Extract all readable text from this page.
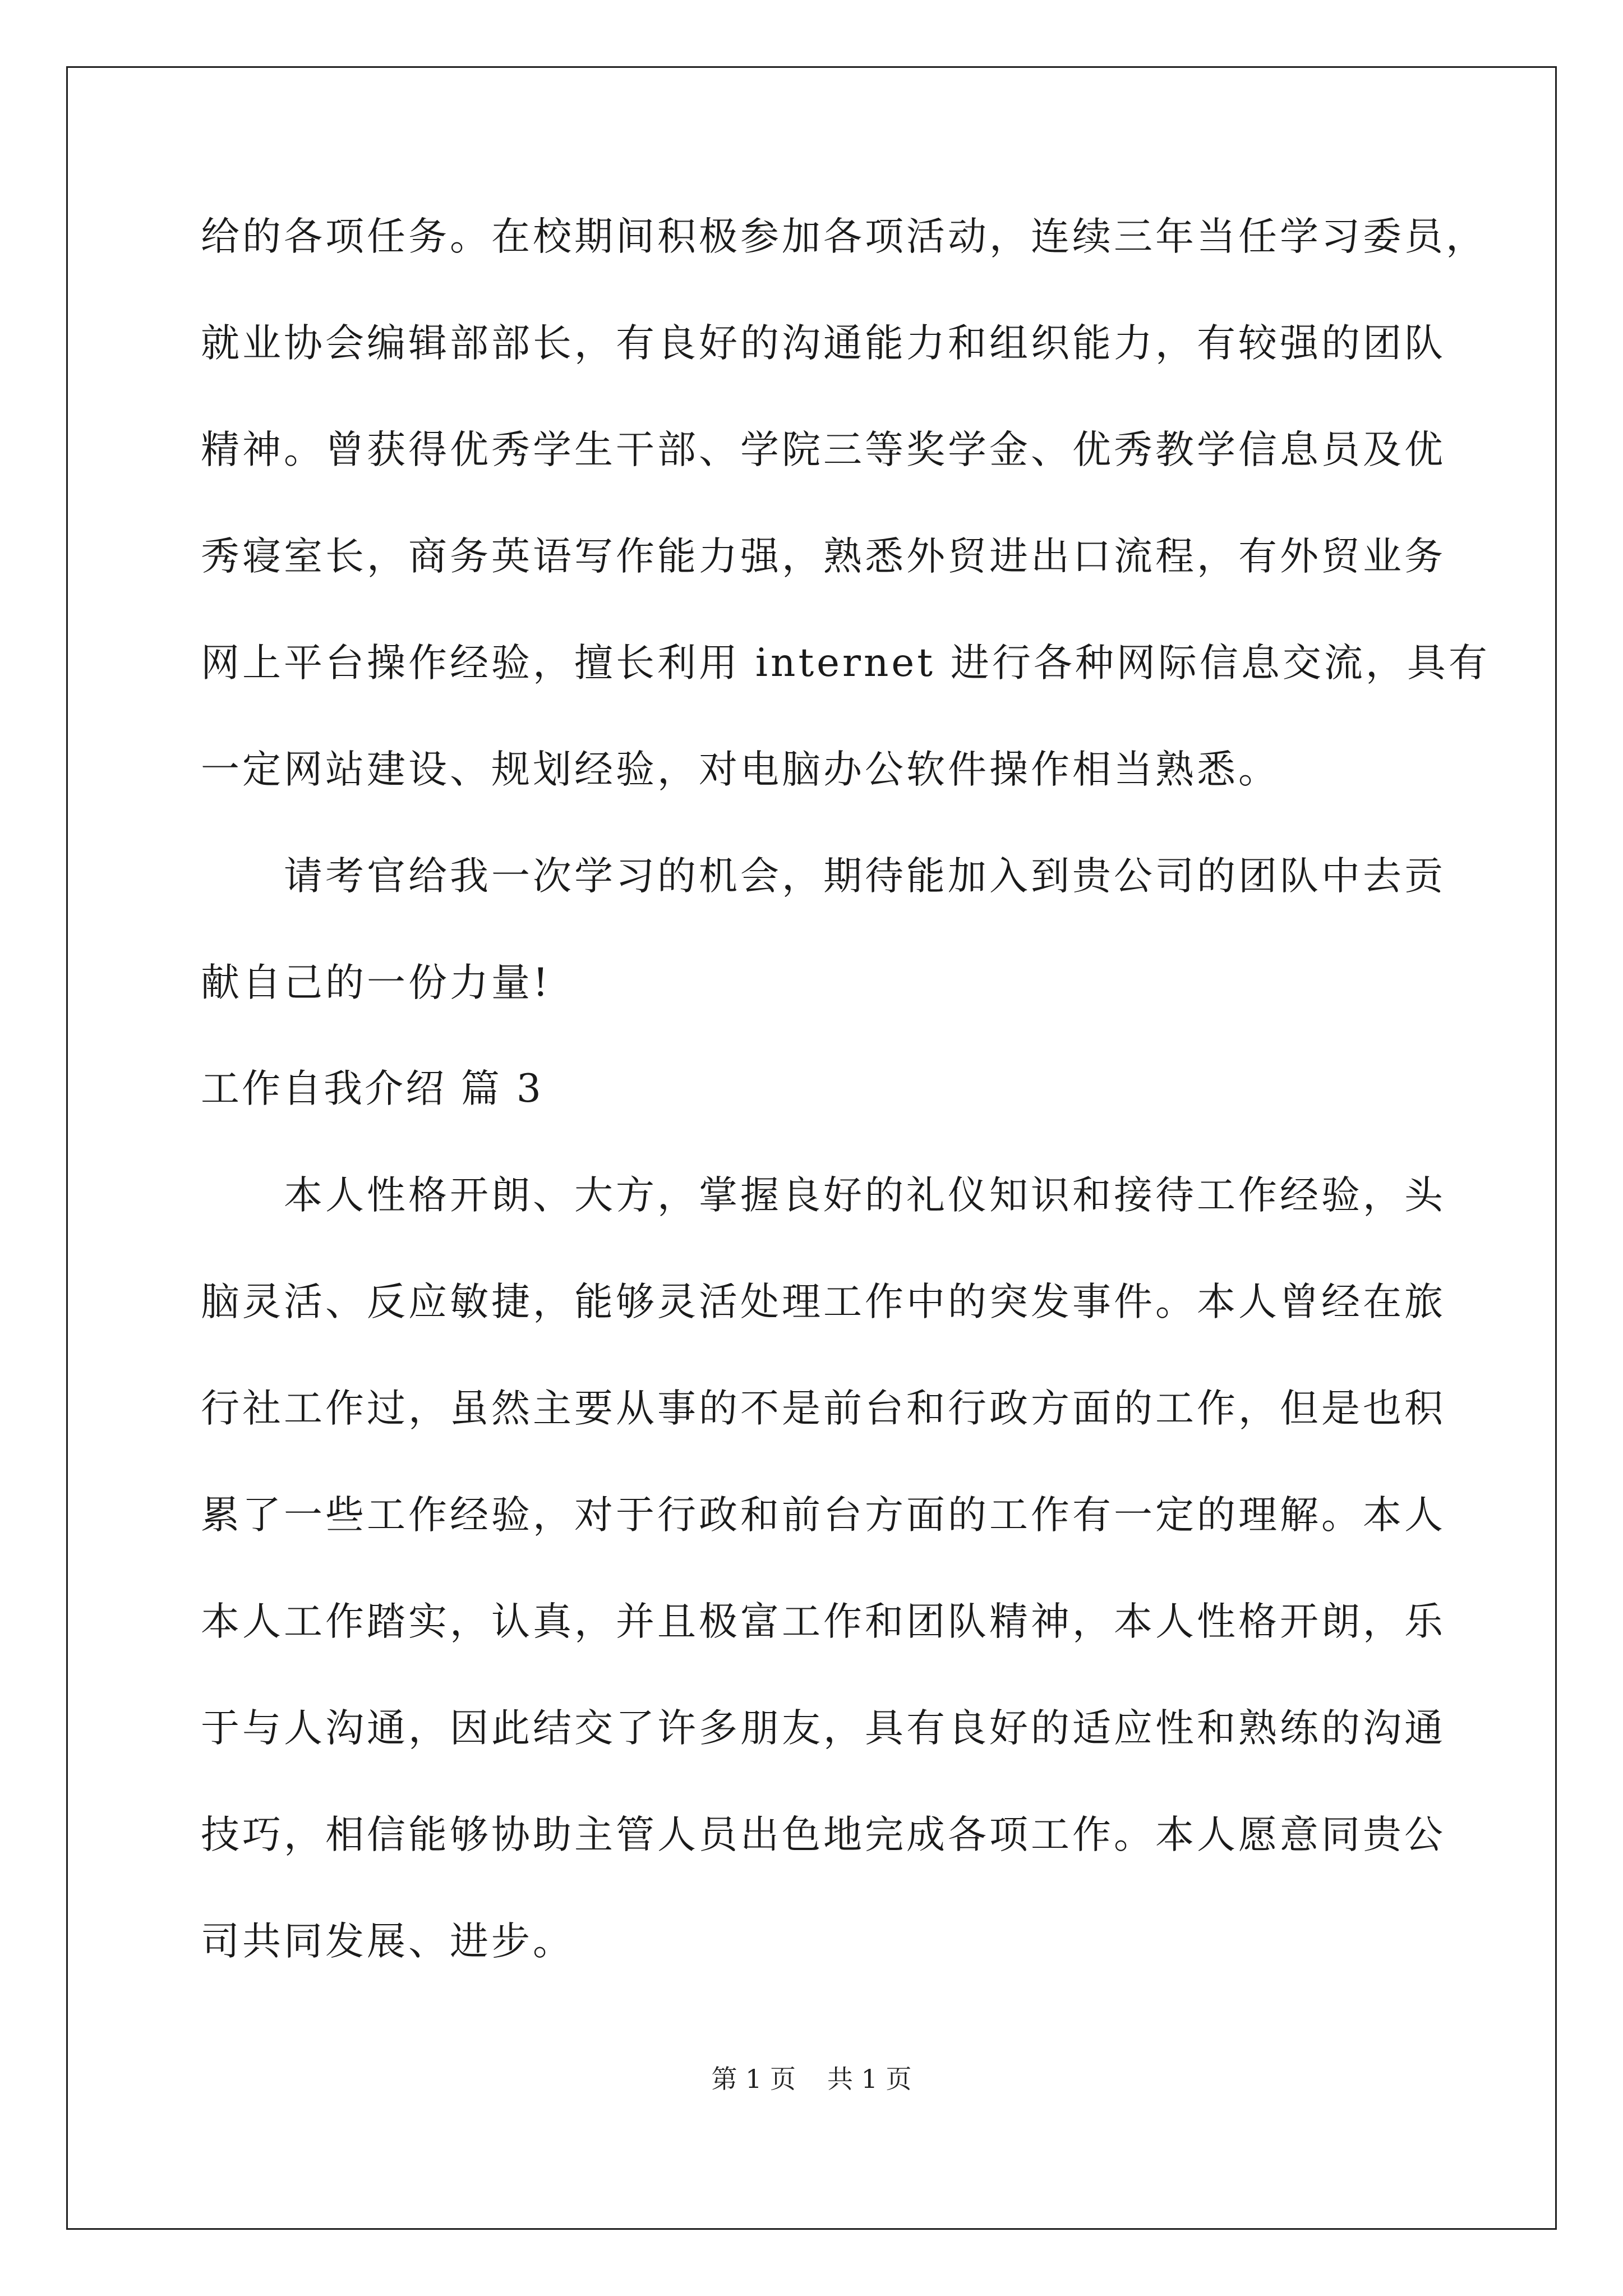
给的各项任务。在校期间积极参加各项活动，连续三年当任学习委员，
就业协会编辑部部长，有良好的沟通能力和组织能力，有较强的团队
精神。曾获得优秀学生干部、学院三等奖学金、优秀教学信息员及优
秀寝室长，商务英语写作能力强，熟悉外贸进出口流程，有外贸业务
网上平台操作经验，擅长利用 internet 进行各种网际信息交流，具有
一定网站建设、规划经验，对电脑办公软件操作相当熟悉。
请考官给我一次学习的机会，期待能加入到贵公司的团队中去贡
献自己的一份力量!
工作自我介绍 篇 3
本人性格开朗、大方，掌握良好的礼仪知识和接待工作经验，头
脑灵活、反应敏捷，能够灵活处理工作中的突发事件。本人曾经在旅
行社工作过，虽然主要从事的不是前台和行政方面的工作，但是也积
累了一些工作经验，对于行政和前台方面的工作有一定的理解。本人
本人工作踏实，认真，并且极富工作和团队精神，本人性格开朗，乐
于与人沟通，因此结交了许多朋友，具有良好的适应性和熟练的沟通
技巧，相信能够协助主管人员出色地完成各项工作。本人愿意同贵公
司共同发展、进步。
第 1 页 共 1 页
